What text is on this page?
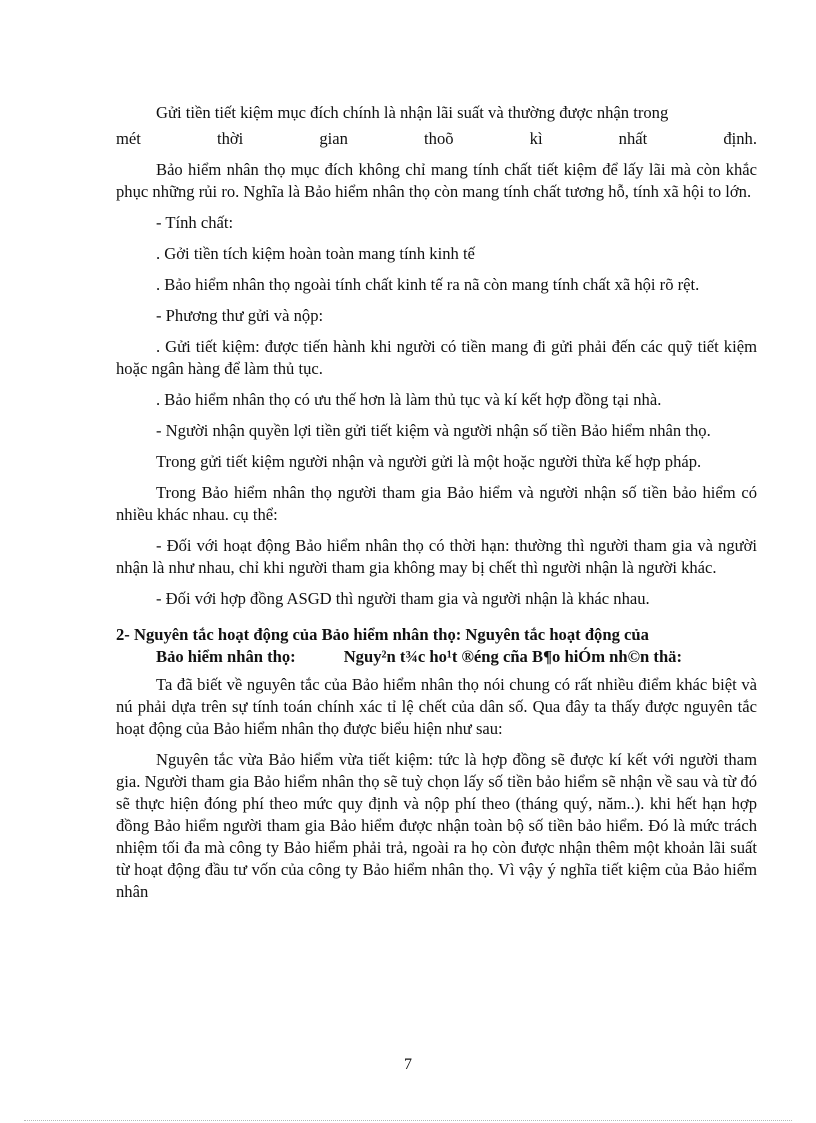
Gửi tiền tiết kiệm mục đích chính là nhận lãi suất và thường được nhận trong

mét thời gian thoõ kì nhất định.

Bảo hiểm nhân thọ mục đích không chỉ mang tính chất tiết kiệm để lấy lãi mà còn khắc phục những rủi ro. Nghĩa là Bảo hiểm nhân thọ còn mang tính chất tương hỗ, tính xã hội to lớn.

- Tính chất:

. Gởi tiền tích kiệm hoàn toàn mang tính kinh tế

. Bảo hiểm nhân thọ ngoài tính chất kinh tế ra nã còn mang tính chất xã hội rõ rệt.

- Phương thư gửi và nộp:

. Gửi tiết kiệm: được tiến hành khi người có tiền mang đi gửi phải đến các quỹ tiết kiệm hoặc ngân hàng để làm thủ tục.

. Bảo hiểm nhân thọ có ưu thế hơn là làm thủ tục và kí kết hợp đồng tại nhà.

- Người nhận quyền lợi tiền gửi tiết kiệm và người nhận số tiền Bảo hiểm nhân thọ.

Trong gửi tiết kiệm người nhận và người gửi là một hoặc người thừa kế hợp pháp.

Trong Bảo hiểm nhân thọ người tham gia Bảo hiểm và người nhận số tiền bảo hiểm có nhiều khác nhau. cụ thể:

- Đối với hoạt động Bảo hiểm nhân thọ có thời hạn: thường thì người tham gia và người nhận là như nhau, chỉ khi người tham gia không may bị chết thì người nhận là người khác.

- Đối với hợp đồng ASGD thì người tham gia và người nhận là khác nhau.

2- Nguyên tắc hoạt động của Bảo hiểm nhân thọ: Nguyên tắc hoạt động của
Bảo hiểm nhân thọ:	Nguy²n t¾c ho¹t ®éng cña B¶o hiÓm nh©n thä:

Ta đã biết về nguyên tắc của Bảo hiểm nhân thọ nói chung có rất nhiều điểm khác biệt và nú phải dựa trên sự tính toán chính xác tỉ lệ chết của dân số. Qua đây ta thấy được nguyên tắc hoạt động của Bảo hiểm nhân thọ được biểu hiện như sau:

Nguyên tắc vừa Bảo hiểm vừa tiết kiệm: tức là hợp đồng sẽ được kí kết với người tham gia. Người tham gia Bảo hiểm nhân thọ sẽ tuỳ chọn lấy số tiền bảo hiểm sẽ nhận về sau và từ đó sẽ thực hiện đóng phí theo mức quy định và nộp phí theo (tháng quý, năm..). khi hết hạn hợp đồng Bảo hiểm người tham gia Bảo hiểm được nhận toàn bộ số tiền bảo hiểm. Đó là mức trách nhiệm tối đa mà công ty Bảo hiểm phải trả, ngoài ra họ còn được nhận thêm một khoản lãi suất từ hoạt động đầu tư vốn của công ty Bảo hiểm nhân thọ. Vì vậy ý nghĩa tiết kiệm của Bảo hiểm nhân

7
